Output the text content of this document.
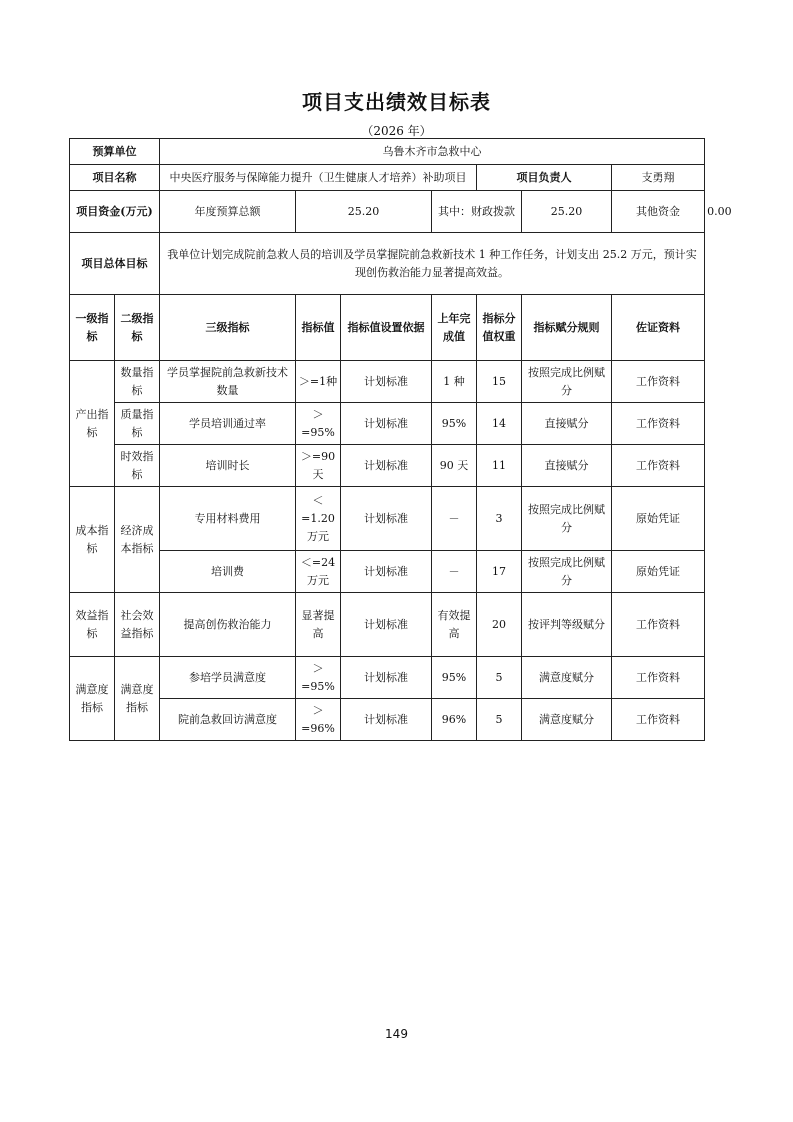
项目支出绩效目标表
（2026 年）
预算单位		乌鲁木齐市急救中心							
项目名称		中央医疗服务与保障能力提升（卫生健康人才培养）补助项目				项目负责人		支勇翔	
项目资金(万元)		年度预算总额	25.20		其中：财政拨款		25.20	其他资金	0.00
项目总体目标		我单位计划完成院前急救人员的培训及学员掌握院前急救新技术 1 种工作任务，计划支出 25.2 万元，预计实现创伤救治能力显著提高效益。							
一级指标	二级指标	三级指标	指标值	指标值设置依据	上年完成值	指标分值权重	指标赋分规则	佐证资料	
产出指标	数量指标	学员掌握院前急救新技术数量	＞=1种	计划标准	1 种	15	按照完成比例赋分	工作资料	
	质量指标	学员培训通过率	＞=95%	计划标准	95%	14	直接赋分	工作资料	
	时效指标	培训时长	＞=90天	计划标准	90 天	11	直接赋分	工作资料	
成本指标	经济成本指标	专用材料费用	＜=1.20万元	计划标准	－	3	按照完成比例赋分	原始凭证	
		培训费	＜=24万元	计划标准	－	17	按照完成比例赋分	原始凭证	
效益指标	社会效益指标	提高创伤救治能力	显著提高	计划标准	有效提高	20	按评判等级赋分	工作资料	
满意度指标	满意度指标	参培学员满意度	＞=95%	计划标准	95%	5	满意度赋分	工作资料	
		院前急救回访满意度	＞=96%	计划标准	96%	5	满意度赋分	工作资料	
149
